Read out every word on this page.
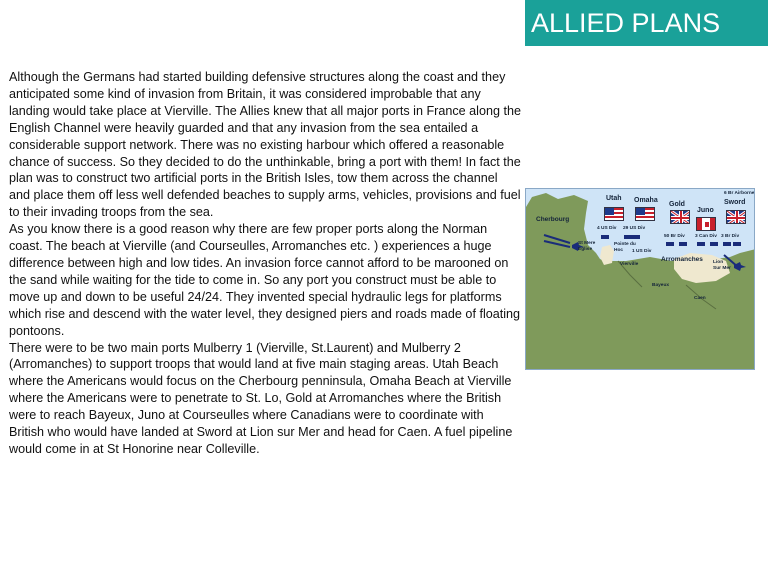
ALLIED PLANS

Although the Germans had started building defensive structures along the coast and they anticipated some kind of invasion from Britain, it was considered improbable that any landing would take place at Vierville. The Allies knew that all major ports in France along the English Channel were heavily guarded and that any invasion from the sea entailed a considerable support network. There was no existing harbour which offered a reasonable chance of success. So they decided to do the unthinkable, bring a port with them! In fact the plan was to construct two artificial ports in the British Isles, tow them across the channel and place them off less well defended beaches to supply arms, vehicles, provisions and fuel to their invading troops from the sea.

As you know there is a good reason why there are few proper ports along the Norman coast. The beach at Vierville (and Courseulles, Arromanches etc. ) experiences a huge difference between high and low tides. An invasion force cannot afford to be marooned on the sand while waiting for the tide to come in. So any port you construct must be able to move up and down to be useful 24/24. They invented special hydraulic legs for platforms which rise and descend with the water level, they designed piers and roads made of floating pontoons.

There were to be two main ports Mulberry 1 (Vierville, St.Laurent) and Mulberry 2 (Arromanches) to support troops that would land at five main staging areas. Utah Beach where the Americans would focus on the Cherbourg penninsula, Omaha Beach at Vierville where the Americans were to penetrate to St. Lo, Gold at Arromanches where the British were to reach Bayeux, Juno at Courseulles where Canadians were to coordinate with British who would have landed at Sword at Lion sur Mer and head for Caen. A fuel pipeline would come in at St Honorine near Colleville.

Utah Omaha
Gold
Juno
Sword
4 US Div 29 US Div
1 US Div
50 Br Div 3 Can Div 3 Br Div
6 Br Airborne
Cherbourg
St Mere Eglise
Pointe du Hoc
Vierville
Arromanches Lion Sur Mer
Bayeux
Caen
